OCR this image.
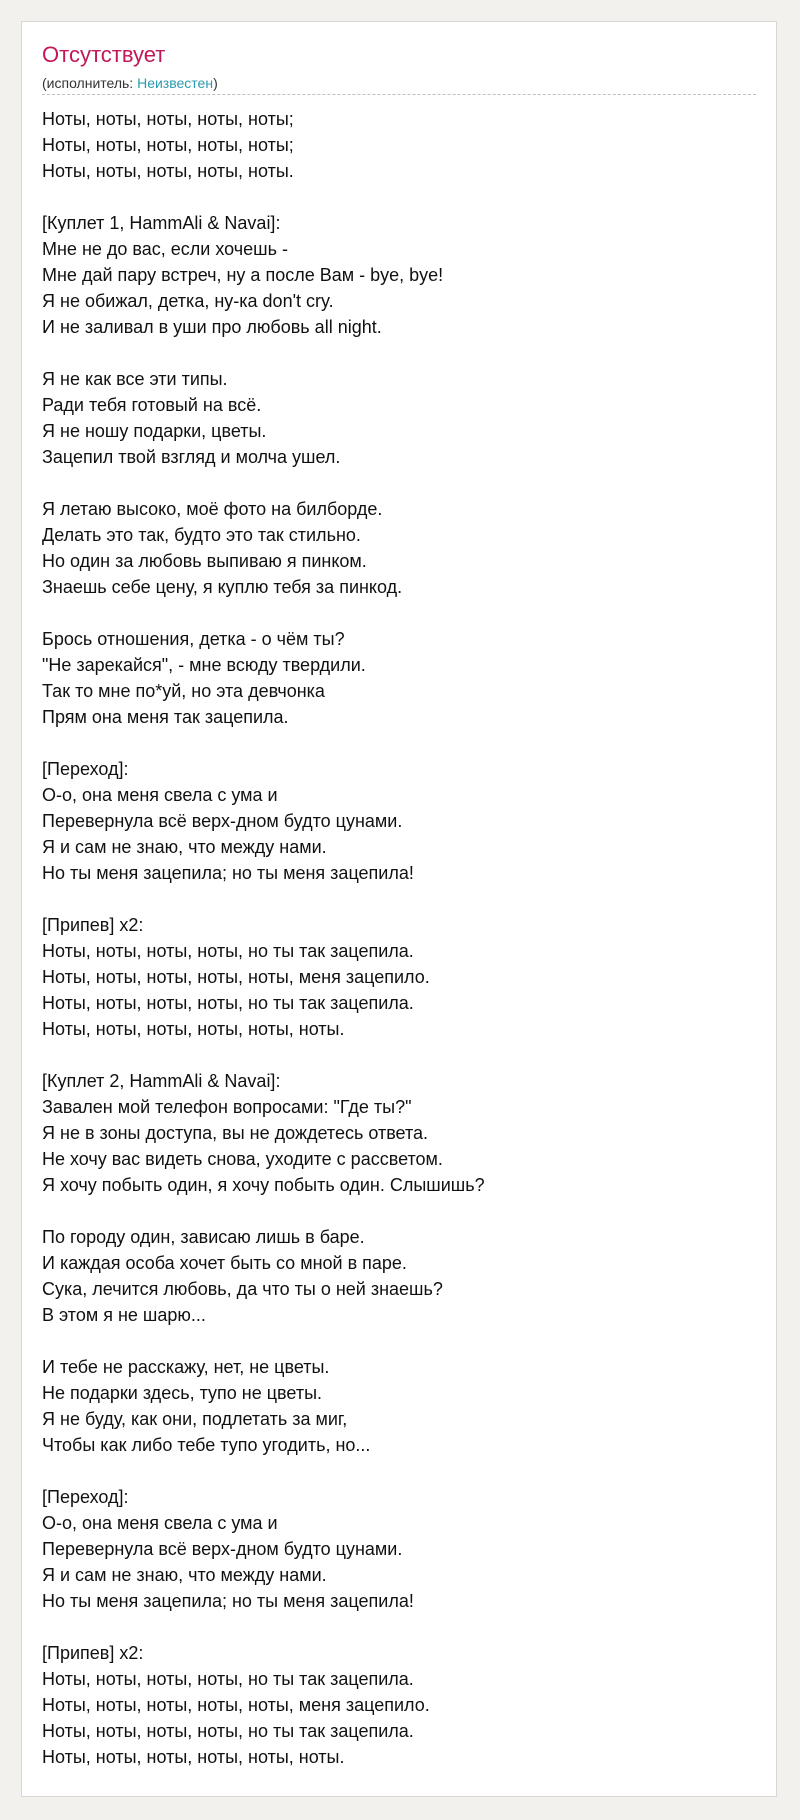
Отсутствует
(исполнитель: Неизвестен)
Ноты, ноты, ноты, ноты, ноты;
Ноты, ноты, ноты, ноты, ноты;
Ноты, ноты, ноты, ноты, ноты.
[Куплет 1, HammAli & Navai]:
Мне не до вас, если хочешь -
Мне дай пару встреч, ну а после Вам - bye, bye!
Я не обижал, детка, ну-ка don't cry.
И не заливал в уши про любовь all night.
Я не как все эти типы.
Ради тебя готовый на всё.
Я не ношу подарки, цветы.
Зацепил твой взгляд и молча ушел.
Я летаю высоко, моё фото на билборде.
Делать это так, будто это так стильно.
Но один за любовь выпиваю я пинком.
Знаешь себе цену, я куплю тебя за пинкод.
Брось отношения, детка - о чём ты?
"Не зарекайся", - мне всюду твердили.
Так то мне по*уй, но эта девчонка
Прям она меня так зацепила.
[Переход]:
О-о, она меня свела с ума и
Перевернула всё верх-дном будто цунами.
Я и сам не знаю, что между нами.
Но ты меня зацепила; но ты меня зацепила!
[Припев] x2:
Ноты, ноты, ноты, ноты, но ты так зацепила.
Ноты, ноты, ноты, ноты, ноты, меня зацепило.
Ноты, ноты, ноты, ноты, но ты так зацепила.
Ноты, ноты, ноты, ноты, ноты, ноты.
[Куплет 2, HammAli & Navai]:
Завален мой телефон вопросами: "Где ты?"
Я не в зоны доступа, вы не дождетесь ответа.
Не хочу вас видеть снова, уходите с рассветом.
Я хочу побыть один, я хочу побыть один. Слышишь?
По городу один, зависаю лишь в баре.
И каждая особа хочет быть со мной в паре.
Сука, лечится любовь, да что ты о ней знаешь?
В этом я не шарю...
И тебе не расскажу, нет, не цветы.
Не подарки здесь, тупо не цветы.
Я не буду, как они, подлетать за миг,
Чтобы как либо тебе тупо угодить, но...
[Переход]:
О-о, она меня свела с ума и
Перевернула всё верх-дном будто цунами.
Я и сам не знаю, что между нами.
Но ты меня зацепила; но ты меня зацепила!
[Припев] x2:
Ноты, ноты, ноты, ноты, но ты так зацепила.
Ноты, ноты, ноты, ноты, ноты, меня зацепило.
Ноты, ноты, ноты, ноты, но ты так зацепила.
Ноты, ноты, ноты, ноты, ноты, ноты.
